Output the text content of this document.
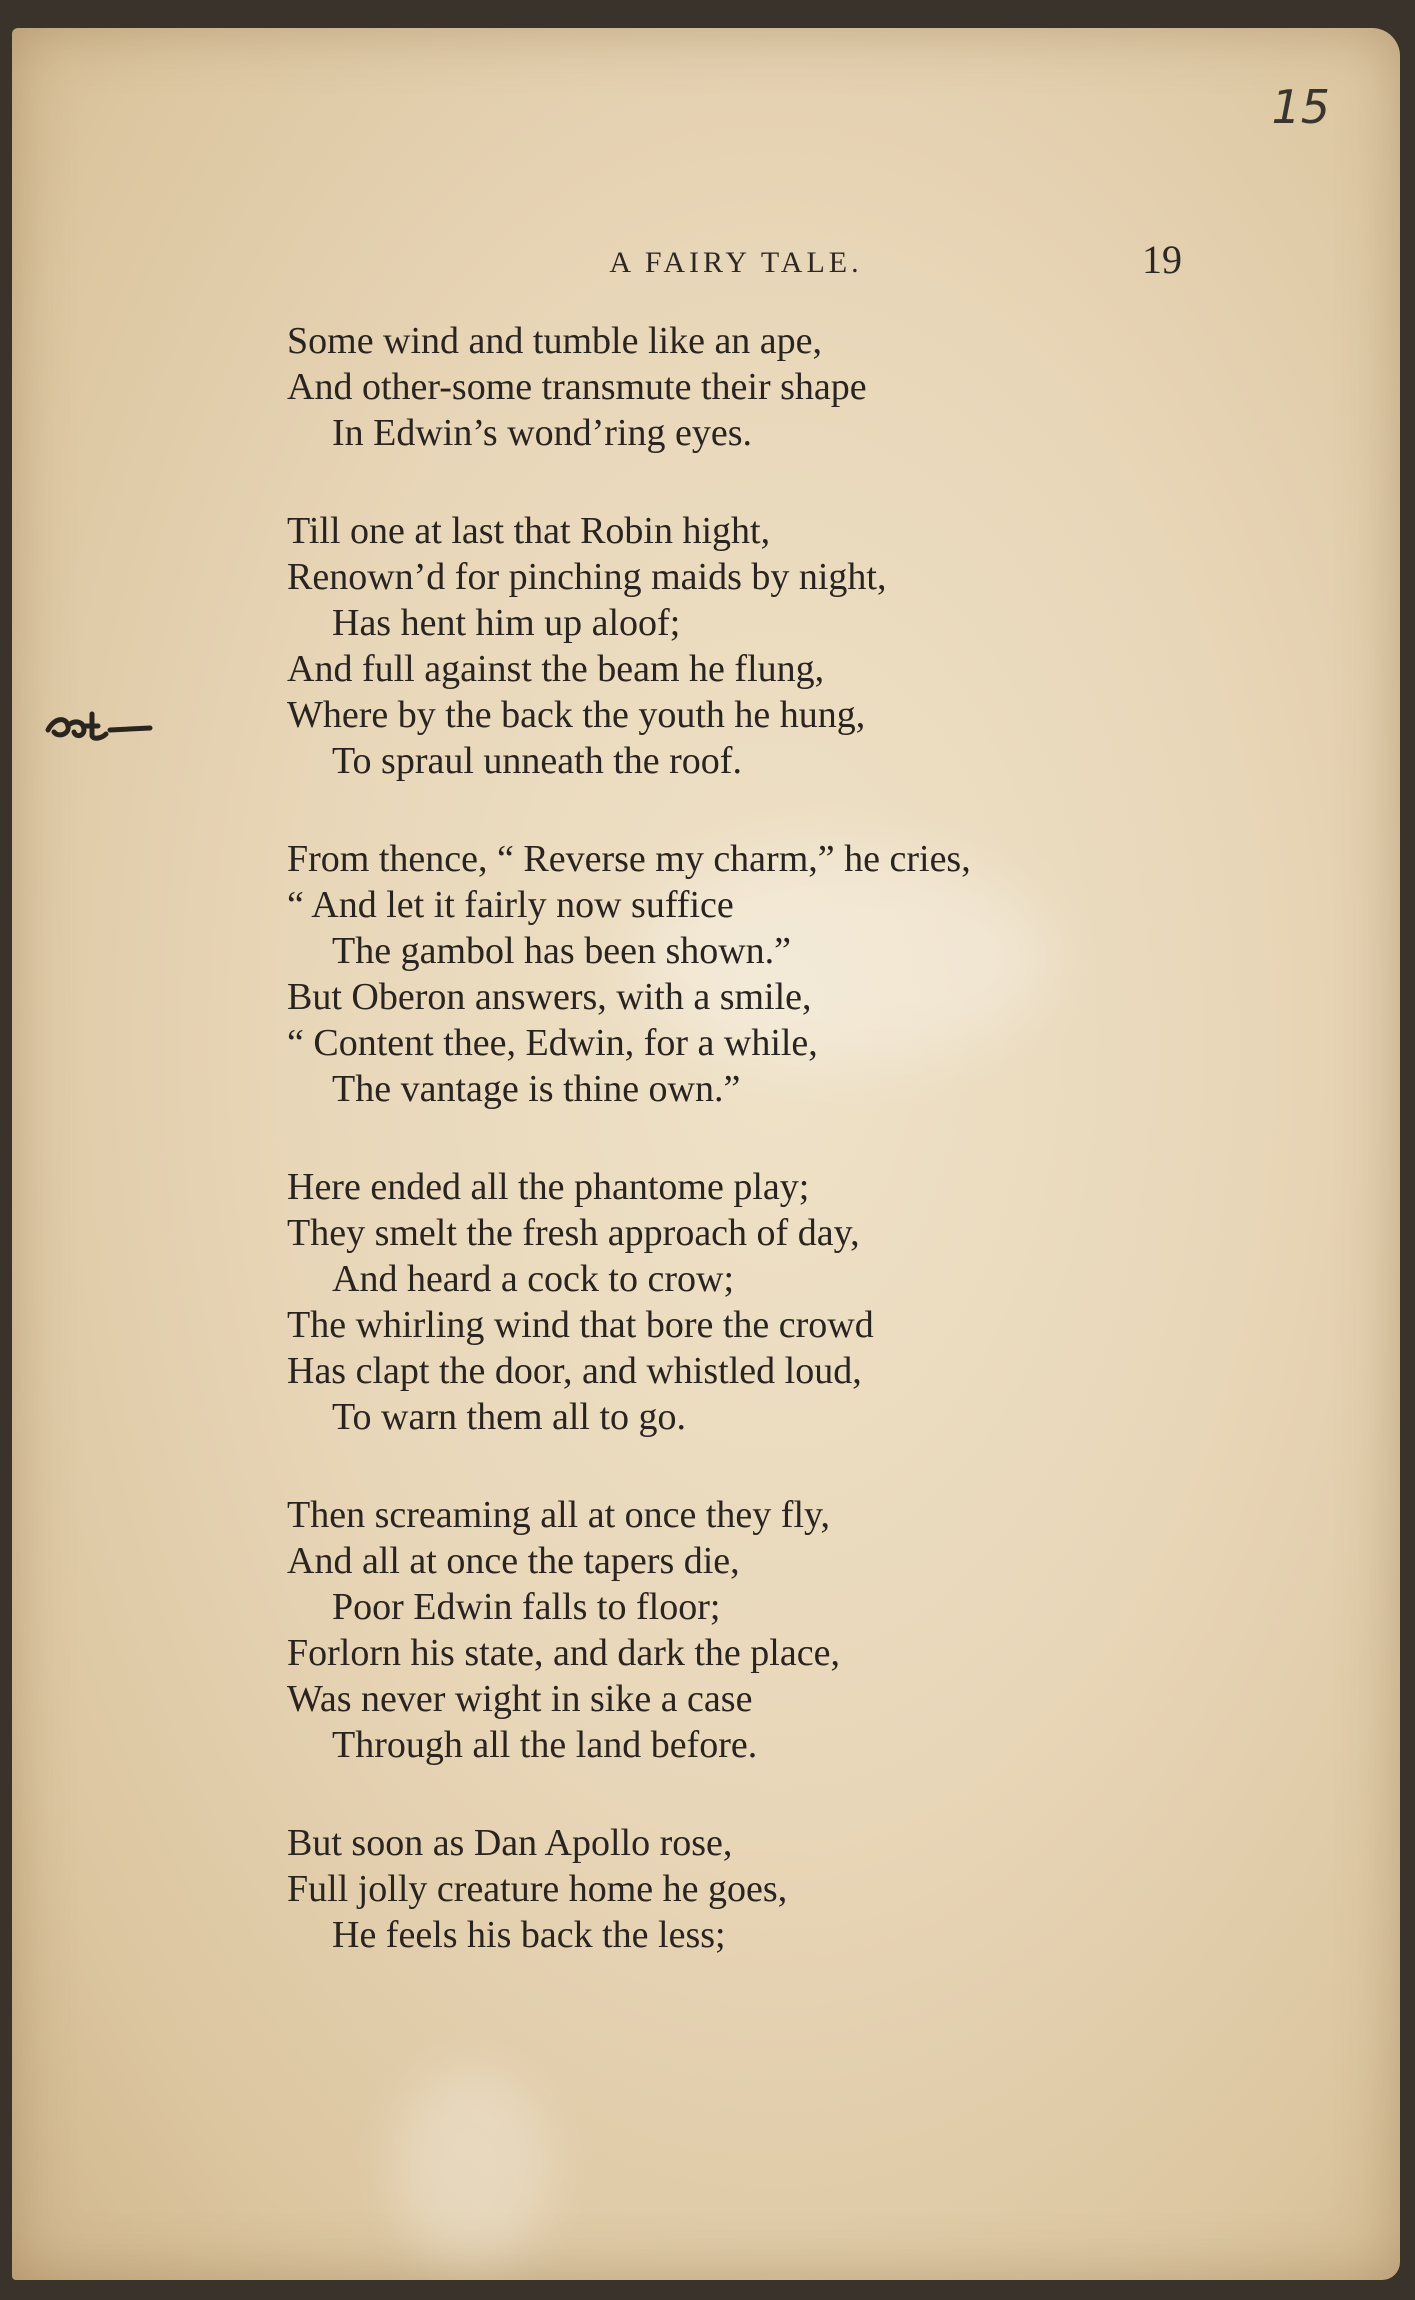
15
A FAIRY TALE.	19
Some wind and tumble like an ape,
And other-some transmute their shape
In Edwin’s wond’ring eyes.
Till one at last that Robin hight,
Renown’d for pinching maids by night,
Has hent him up aloof;
And full against the beam he flung,
Where by the back the youth he hung,
To spraul unneath the roof.
From thence, “ Reverse my charm,” he cries,
“ And let it fairly now suffice
The gambol has been shown.”
But Oberon answers, with a smile,
“ Content thee, Edwin, for a while,
The vantage is thine own.”
Here ended all the phantome play;
They smelt the fresh approach of day,
And heard a cock to crow;
The whirling wind that bore the crowd
Has clapt the door, and whistled loud,
To warn them all to go.
Then screaming all at once they fly,
And all at once the tapers die,
Poor Edwin falls to floor;
Forlorn his state, and dark the place,
Was never wight in sike a case
Through all the land before.
But soon as Dan Apollo rose,
Full jolly creature home he goes,
He feels his back the less;
